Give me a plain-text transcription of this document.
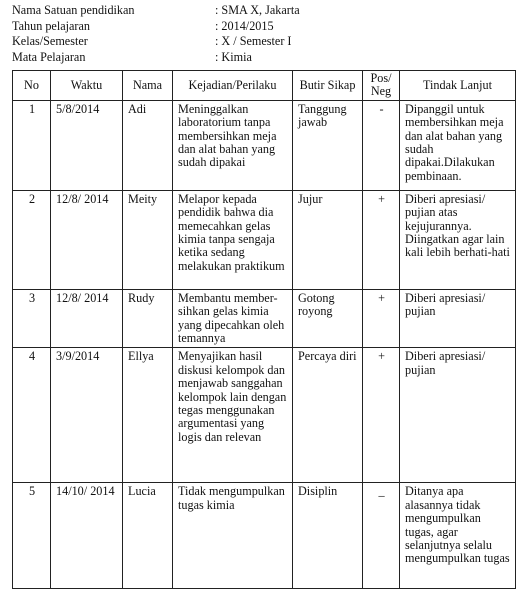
Nama Satuan pendidikan	: SMA X, Jakarta
Tahun pelajaran	: 2014/2015
Kelas/Semester	: X / Semester I
Mata Pelajaran	: Kimia
No	Waktu	Nama	Kejadian/Perilaku	Butir Sikap	Pos/ Neg	Tindak Lanjut
1	5/8/2014	Adi	Meninggalkan laboratorium tanpa membersihkan meja dan alat bahan yang sudah dipakai	Tanggung jawab	-	Dipanggil untuk membersihkan meja dan alat bahan yang sudah dipakai.Dilakukan pembinaan.
2	12/8/ 2014	Meity	Melapor kepada pendidik bahwa dia memecahkan gelas kimia tanpa sengaja ketika sedang melakukan praktikum	Jujur	+	Diberi apresiasi/ pujian atas kejujurannya. Diingatkan agar lain kali lebih berhati-hati
3	12/8/ 2014	Rudy	Membantu member-sihkan gelas kimia yang dipecahkan oleh temannya	Gotong royong	+	Diberi apresiasi/ pujian
4	3/9/2014	Ellya	Menyajikan hasil diskusi kelompok dan menjawab sanggahan kelompok lain dengan tegas menggunakan argumentasi yang logis dan relevan	Percaya diri	+	Diberi apresiasi/ pujian
5	14/10/ 2014	Lucia	Tidak mengumpulkan tugas kimia	Disiplin	_	Ditanya apa alasannya tidak mengumpulkan tugas, agar selanjutnya selalu mengumpulkan tugas
